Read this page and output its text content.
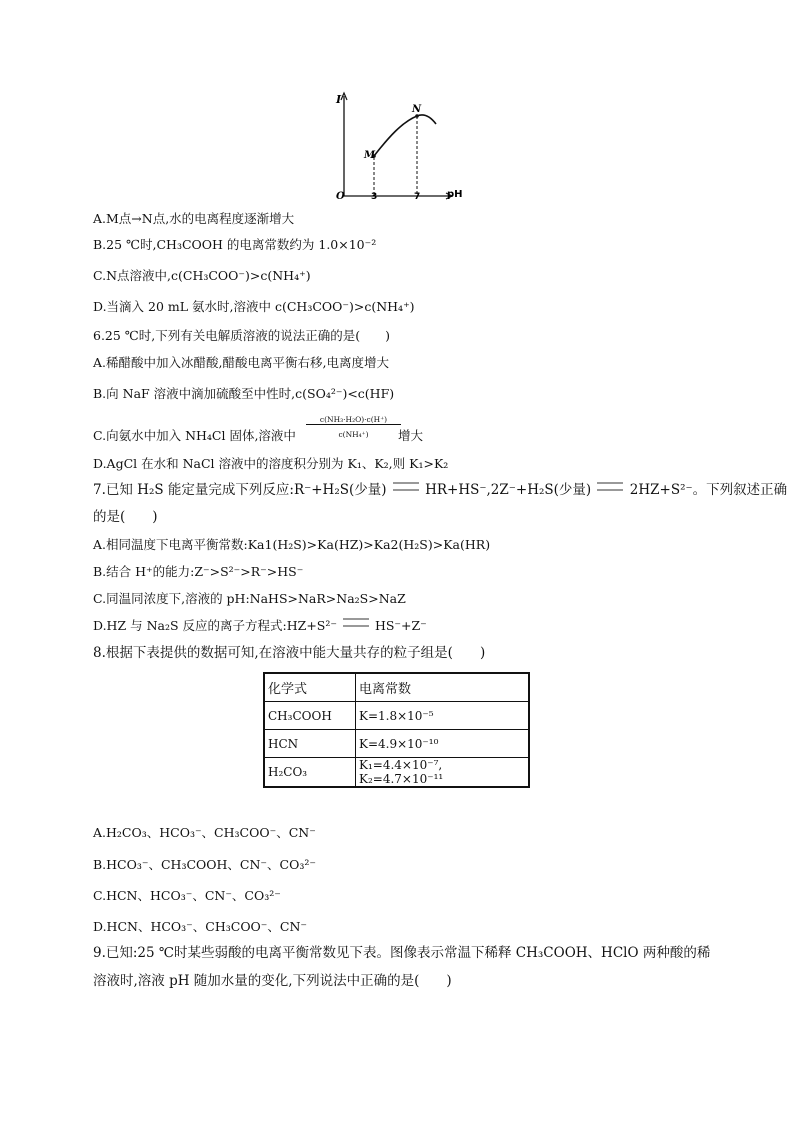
I
O	pH
3	7
M
N
A.M点→N点,水的电离程度逐渐增大
B.25 ℃时,CH₃COOH 的电离常数约为 1.0×10⁻²
C.N点溶液中,c(CH₃COO⁻)>c(NH₄⁺)
D.当滴入 20 mL 氨水时,溶液中 c(CH₃COO⁻)>c(NH₄⁺)
6.25 ℃时,下列有关电解质溶液的说法正确的是(　　)
A.稀醋酸中加入冰醋酸,醋酸电离平衡右移,电离度增大
B.向 NaF 溶液中滴加硫酸至中性时,c(SO₄²⁻)<c(HF)
C.向氨水中加入 NH₄Cl 固体,溶液中
c(NH₃·H₂O)·c(H⁺)
c(NH₄⁺)	增大
D.AgCl 在水和 NaCl 溶液中的溶度积分别为 K₁、K₂,则 K₁>K₂
7.已知 H₂S 能定量完成下列反应:R⁻+H₂S(少量)	HR+HS⁻,2Z⁻+H₂S(少量)	2HZ+S²⁻。下列叙述正确
的是(　　)
A.相同温度下电离平衡常数:Ka1(H₂S)>Ka(HZ)>Ka2(H₂S)>Ka(HR)
B.结合 H⁺的能力:Z⁻>S²⁻>R⁻>HS⁻
C.同温同浓度下,溶液的 pH:NaHS>NaR>Na₂S>NaZ
D.HZ 与 Na₂S 反应的离子方程式:HZ+S²⁻	HS⁻+Z⁻
8.根据下表提供的数据可知,在溶液中能大量共存的粒子组是(　　)
化学式	电离常数
CH₃COOH	K=1.8×10⁻⁵
HCN	K=4.9×10⁻¹⁰
H₂CO₃	K₁=4.4×10⁻⁷, K₂=4.7×10⁻¹¹
A.H₂CO₃、HCO₃⁻、CH₃COO⁻、CN⁻
B.HCO₃⁻、CH₃COOH、CN⁻、CO₃²⁻
C.HCN、HCO₃⁻、CN⁻、CO₃²⁻
D.HCN、HCO₃⁻、CH₃COO⁻、CN⁻
9.已知:25 ℃时某些弱酸的电离平衡常数见下表。图像表示常温下稀释 CH₃COOH、HClO 两种酸的稀
溶液时,溶液 pH 随加水量的变化,下列说法中正确的是(　　)
